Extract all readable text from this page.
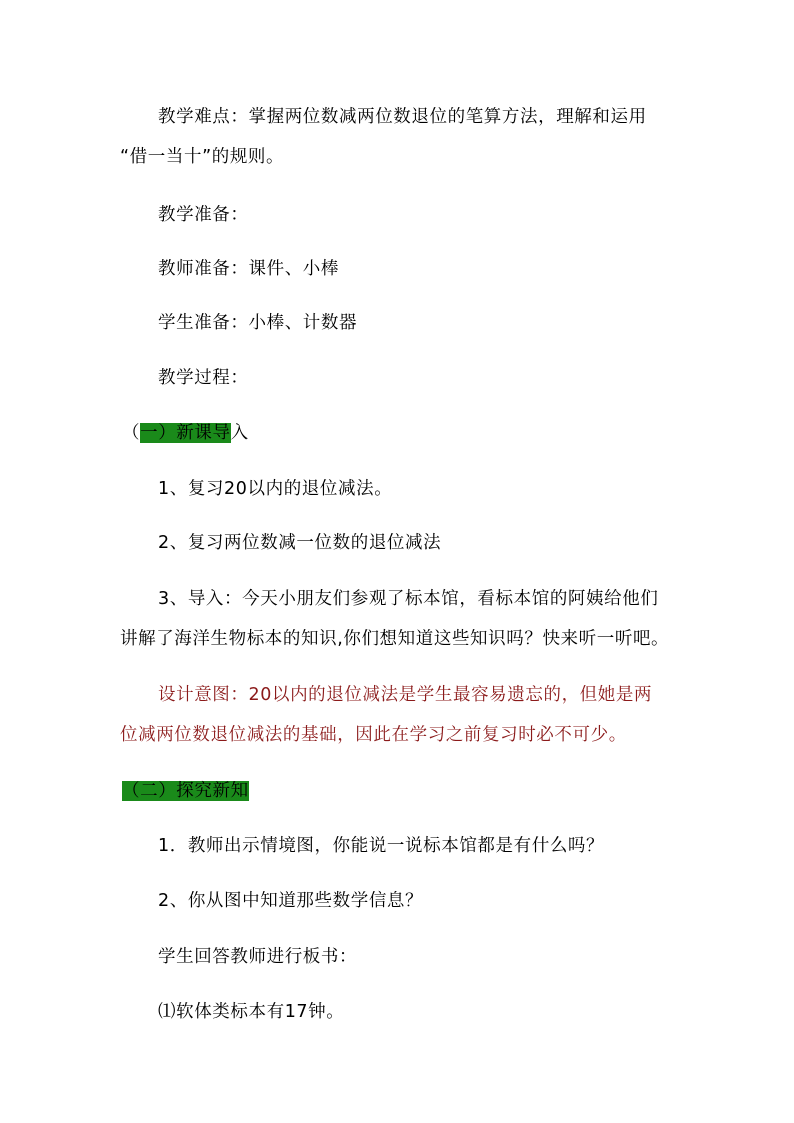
教学难点：掌握两位数减两位数退位的笔算方法，理解和运用
“借一当十”的规则。
教学准备：
教师准备：课件、小棒
学生准备：小棒、计数器
教学过程：
（一）新课导入
1、复习20以内的退位减法。
2、复习两位数减一位数的退位减法
3、导入：今天小朋友们参观了标本馆，看标本馆的阿姨给他们
讲解了海洋生物标本的知识,你们想知道这些知识吗？快来听一听吧。
设计意图：20以内的退位减法是学生最容易遗忘的，但她是两
位减两位数退位减法的基础，因此在学习之前复习时必不可少。
（二）探究新知
1．教师出示情境图，你能说一说标本馆都是有什么吗？
2、你从图中知道那些数学信息？
学生回答教师进行板书：
⑴软体类标本有17钟。
